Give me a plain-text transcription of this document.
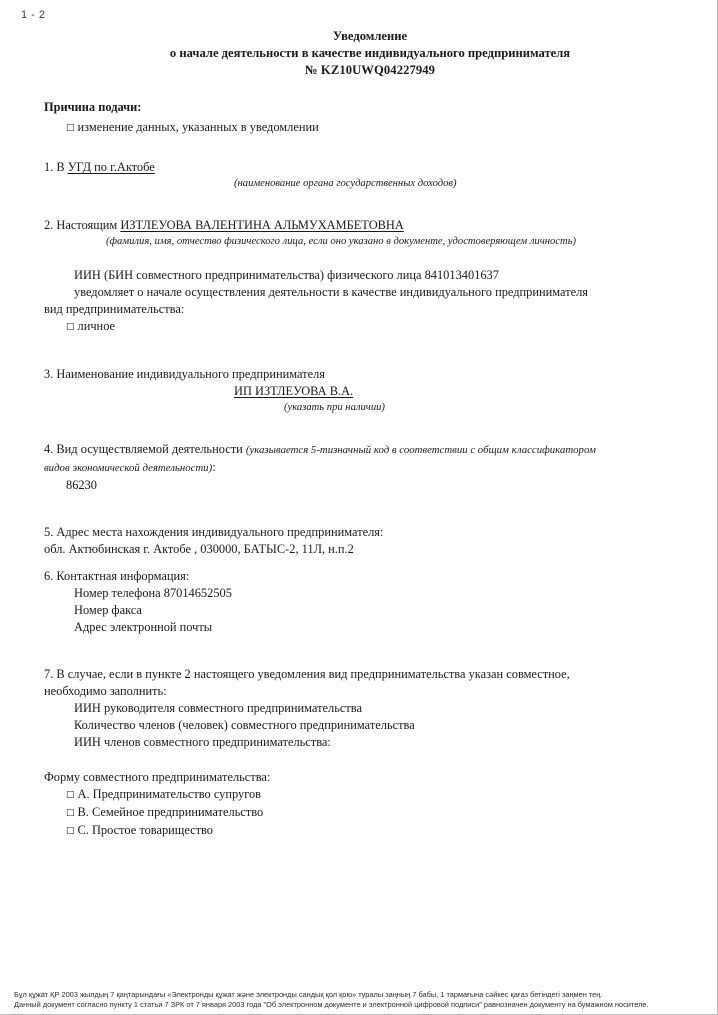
1 - 2
Уведомление
о начале деятельности в качестве индивидуального предпринимателя
№ KZ10UWQ04227949
Причина подачи:
□ изменение данных, указанных в уведомлении
1. В УГД по г.Актобе
(наименование органа государственных доходов)
2. Настоящим ИЗТЛЕУОВА ВАЛЕНТИНА АЛЬМУХАМБЕТОВНА
(фамилия, имя, отчество физического лица, если оно указано в документе, удостоверяющем личность)
ИИН (БИН совместного предпринимательства) физического лица 841013401637
уведомляет о начале осуществления деятельности в качестве индивидуального предпринимателя
вид предпринимательства:
□ личное
3. Наименование индивидуального предпринимателя
ИП ИЗТЛЕУОВА В.А.
(указать при наличии)
4. Вид осуществляемой деятельности (указывается 5-тизначный код в соответствии с общим классификатором
видов экономической деятельности):
86230
5. Адрес места нахождения индивидуального предпринимателя:
обл. Актюбинская г. Актобе , 030000, БАТЫС-2, 11Л, н.п.2
6. Контактная информация:
Номер телефона 87014652505
Номер факса
Адрес электронной почты
7. В случае, если в пункте 2 настоящего уведомления вид предпринимательства указан совместное,
необходимо заполнить:
ИИН руководителя совместного предпринимательства
Количество членов (человек) совместного предпринимательства
ИИН членов совместного предпринимательства:
Форму совместного предпринимательства:
□ А. Предпринимательство супругов
□ В. Семейное предпринимательство
□ С. Простое товарищество
Бұл құжат ҚР 2003 жылдың 7 қаңтарындағы «Электронды құжат және электронды сандық қол қою» туралы заңның 7 бабы, 1 тармағына сәйкес қағаз бетіндегі заңмен тең.
Данный документ согласно пункту 1 статьи 7 ЗРК от 7 января 2003 года "Об электронном документе и электронной цифровой подписи" равнозначен документу на бумажном носителе.
